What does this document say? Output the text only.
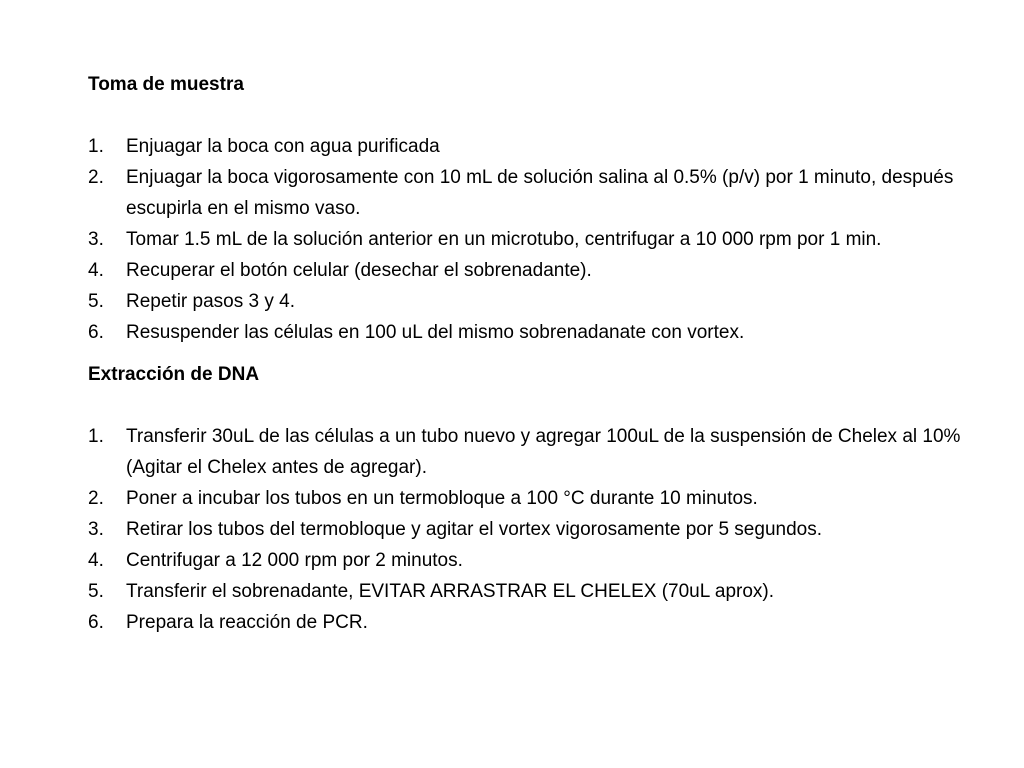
Toma de muestra
1.	Enjuagar la boca con agua purificada
2.	Enjuagar la boca vigorosamente con 10 mL de solución salina al 0.5% (p/v) por 1 minuto, después escupirla en el mismo vaso.
3.	Tomar 1.5 mL de la solución anterior en un microtubo, centrifugar a 10 000 rpm por 1 min.
4.	Recuperar el botón celular (desechar el sobrenadante).
5.	Repetir pasos 3 y 4.
6.	Resuspender las células en 100 uL del mismo sobrenadanate con vortex.
Extracción de DNA
1.	Transferir 30uL de las células a un tubo nuevo y agregar 100uL de la suspensión de Chelex al 10% (Agitar el Chelex antes de agregar).
2.	Poner a incubar los tubos en un termobloque a 100 °C durante 10 minutos.
3.	Retirar los tubos del termobloque y agitar el vortex vigorosamente por 5 segundos.
4.	Centrifugar a 12 000 rpm por 2 minutos.
5.	Transferir el sobrenadante, EVITAR ARRASTRAR EL CHELEX (70uL aprox).
6.	Prepara la reacción de PCR.
